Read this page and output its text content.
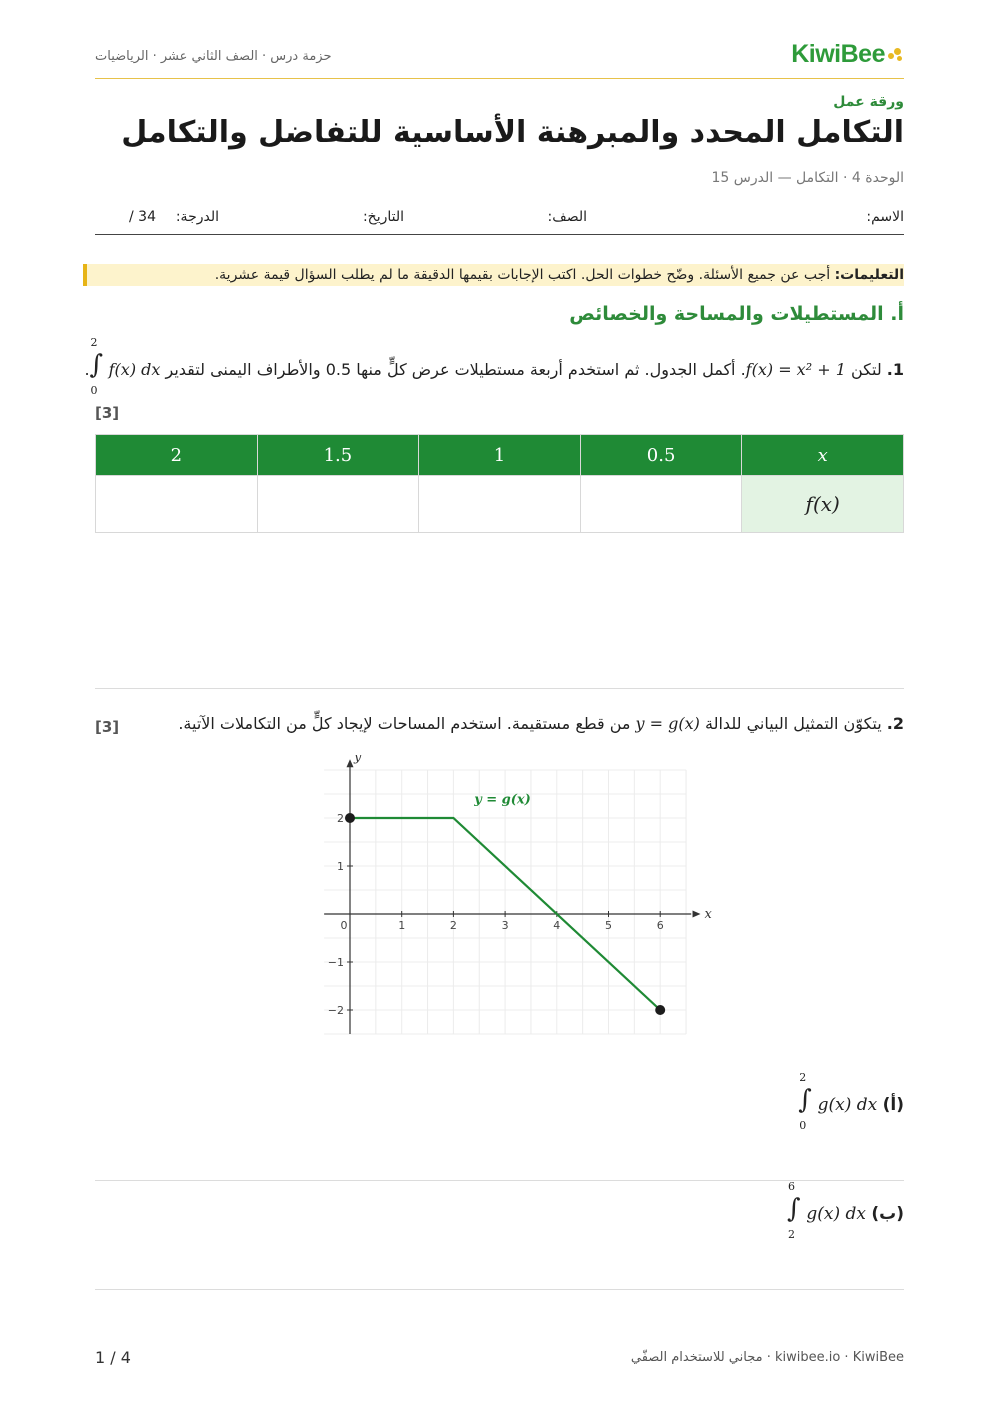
KiwiBee
حزمة درس · الصف الثاني عشر · الرياضيات
ورقة عمل
التكامل المحدد والمبرهنة الأساسية للتفاضل والتكامل
الوحدة 4 · التكامل — الدرس 15
الاسم:
الصف:
التاريخ:
الدرجة:
/ 34
التعليمات: أجب عن جميع الأسئلة. وضّح خطوات الحل. اكتب الإجابات بقيمها الدقيقة ما لم يطلب السؤال قيمة عشرية.
أ. المستطيلات والمساحة والخصائص
1. لتكن f(x) = x² + 1. أكمل الجدول. ثم استخدم أربعة مستطيلات عرض كلٍّ منها 0.5 والأطراف اليمنى لتقدير
2
∫
0
f(x) dx.
[3]
x	0.5	1	1.5	2
f(x)				
2. يتكوّن التمثيل البياني للدالة y = g(x) من قطع مستقيمة. استخدم المساحات لإيجاد كلٍّ من التكاملات الآتية.
[3]
x
y
0	1	2	3	4	5	6
−2
−1
1
2
y = g(x)
(أ)
2
∫
0
g(x) dx
(ب)
6
∫
2
g(x) dx
1 / 4	kiwibee.io · KiwiBee · مجاني للاستخدام الصفّي
